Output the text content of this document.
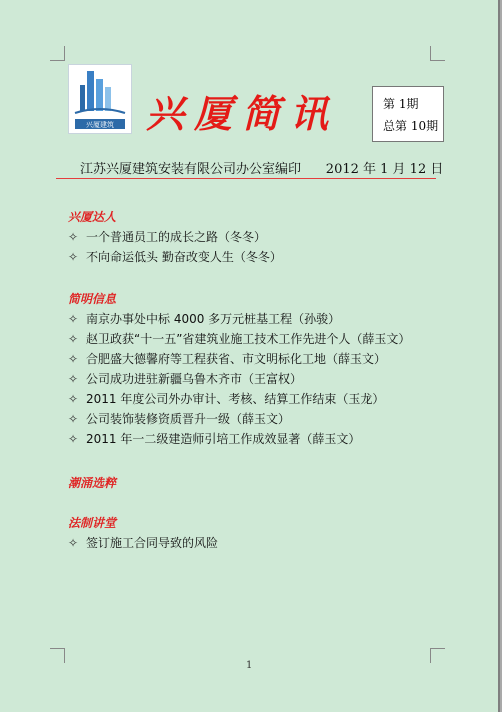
兴厦建筑 兴厦简讯	第 1期
总第 10期
江苏兴厦建筑安装有限公司办公室编印      2012 年 1 月 12 日
兴厦达人
✧ 一个普通员工的成长之路（冬冬）
✧ 不向命运低头 勤奋改变人生（冬冬）
简明信息
✧ 南京办事处中标 4000 多万元桩基工程（孙骏）
✧ 赵卫政获“十一五”省建筑业施工技术工作先进个人（薛玉文）
✧ 合肥盛大德馨府等工程获省、市文明标化工地（薛玉文）
✧ 公司成功进驻新疆乌鲁木齐市（王富权）
✧ 2011 年度公司外办审计、考核、结算工作结束（玉龙）
✧ 公司装饰装修资质晋升一级（薛玉文）
✧ 2011 年一二级建造师引培工作成效显著（薛玉文）
潮涌选粹
法制讲堂
✧ 签订施工合同导致的风险
1
